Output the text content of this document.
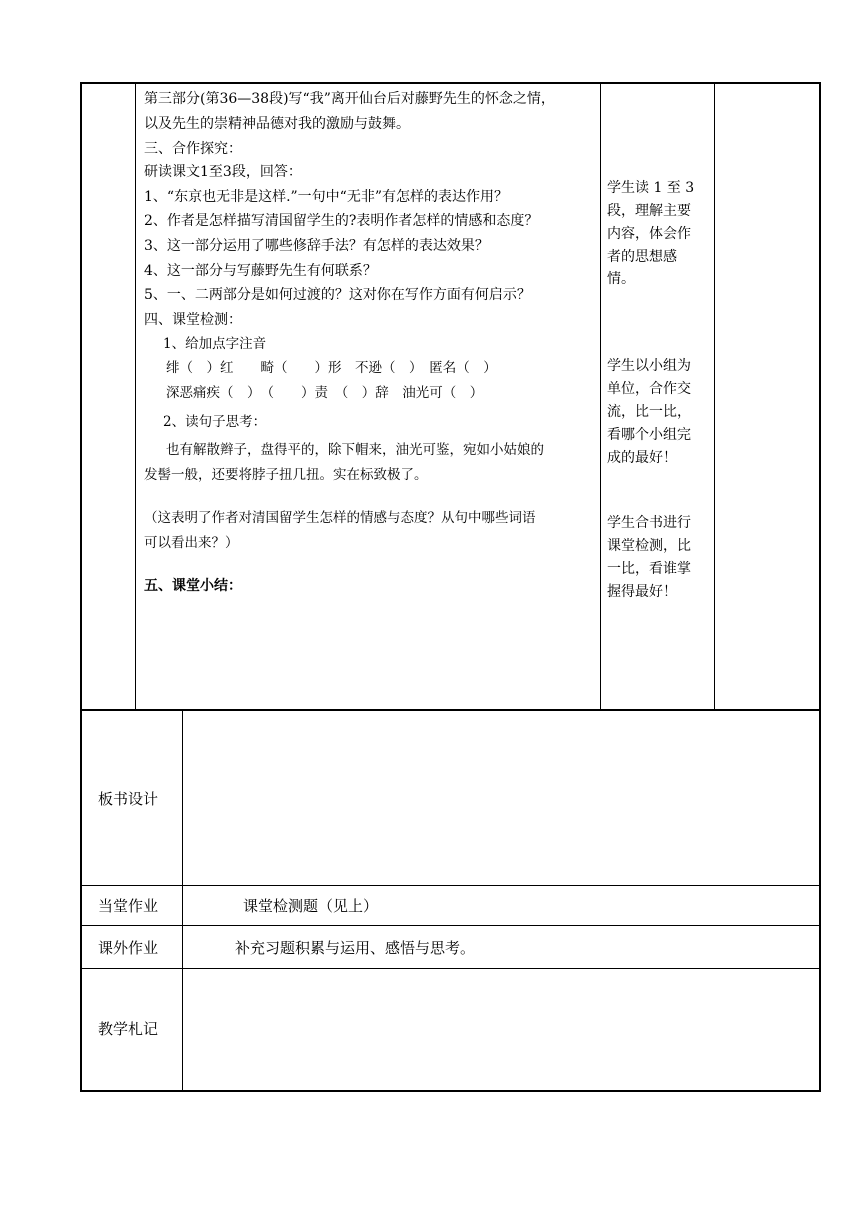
第三部分(第36—38段)写“我”离开仙台后对藤野先生的怀念之情，
以及先生的崇精神品德对我的激励与鼓舞。
三、合作探究：
研读课文1至3段，回答：
1、“东京也无非是这样.”一句中“无非”有怎样的表达作用？
2、作者是怎样描写清国留学生的?表明作者怎样的情感和态度？
3、这一部分运用了哪些修辞手法？有怎样的表达效果？
4、这一部分与写藤野先生有何联系？
5、一、二两部分是如何过渡的？这对你在写作方面有何启示？
四、课堂检测：
1、给加点字注音
绯（　）红　　畸（　　）形　不逊（　）　匿名（　）
深恶痛疾（　）　（　　）责　（　）辞　油光可（　）
2、读句子思考：
也有解散辫子，盘得平的，除下帽来，油光可鉴，宛如小姑娘的
发髻一般，还要将脖子扭几扭。实在标致极了。
（这表明了作者对清国留学生怎样的情感与态度？从句中哪些词语
可以看出来？）
五、课堂小结：
学生读 1 至 3
段，理解主要
内容，体会作
者的思想感
情。
学生以小组为
单位，合作交
流，比一比，
看哪个小组完
成的最好！
学生合书进行
课堂检测，比
一比，看谁掌
握得最好！
板书设计
当堂作业	课堂检测题（见上）
课外作业	补充习题积累与运用、感悟与思考。
教学札记
